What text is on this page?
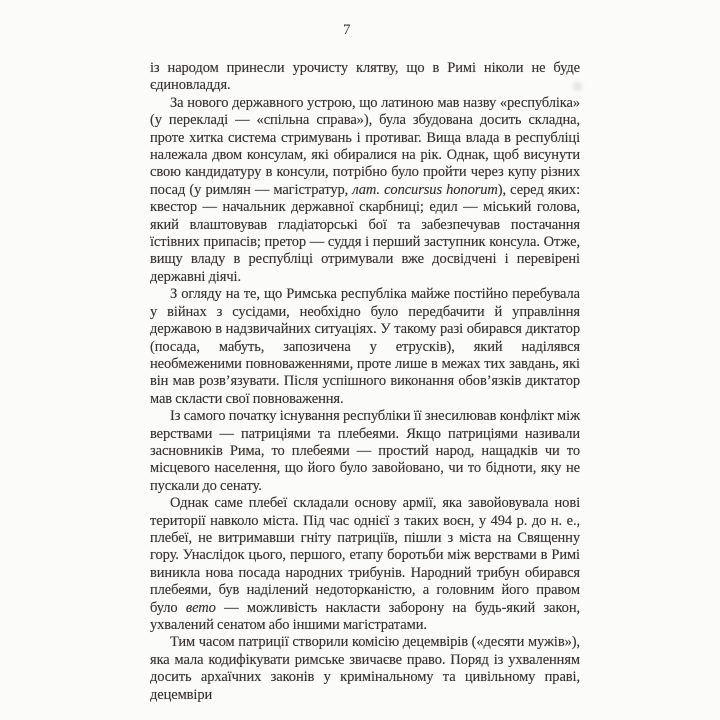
7

із народом принесли урочисту клятву, що в Римі ніколи не буде єдиновладдя.

За нового державного устрою, що латиною мав назву «республіка» (у перекладі — «спільна справа»), була збудована досить складна, проте хитка система стримувань і противаг. Вища влада в республіці належала двом консулам, які обиралися на рік. Однак, щоб висунути свою кандидатуру в консули, потрібно було пройти через купу різних посад (у римлян — магістратур, лат. concursus honorum), серед яких: квестор — начальник державної скарбниці; едил — міський голова, який влаштовував гладіаторські бої та забезпечував постачання їстівних припасів; претор — суддя і перший заступник консула. Отже, вищу владу в республіці отримували вже досвідчені і перевірені державні діячі.

З огляду на те, що Римська республіка майже постійно перебувала у війнах з сусідами, необхідно було передбачити й управління державою в надзвичайних ситуаціях. У такому разі обирався диктатор (посада, мабуть, запозичена у етрусків), який наділявся необмеженими повноваженнями, проте лише в межах тих завдань, які він мав розв’язувати. Після успішного виконання обов’язків диктатор мав скласти свої повноваження.

Із самого початку існування республіки її знесилював конфлікт між верствами — патриціями та плебеями. Якщо патриціями називали засновників Рима, то плебеями — простий народ, нащадків чи то місцевого населення, що його було завойовано, чи то бідноти, яку не пускали до сенату.

Однак саме плебеї складали основу армії, яка завойовувала нові території навколо міста. Під час однієї з таких воєн, у 494 р. до н. е., плебеї, не витримавши гніту патриціїв, пішли з міста на Священну гору. Унаслідок цього, першого, етапу боротьби між верствами в Римі виникла нова посада народних трибунів. Народний трибун обирався плебеями, був наділений недоторканістю, а головним його правом було вето — можливість накласти заборону на будь-який закон, ухвалений сенатом або іншими магістратами.

Тим часом патриції створили комісію децемвірів («десяти мужів»), яка мала кодифікувати римське звичаєве право. Поряд із ухваленням досить архаїчних законів у кримінальному та цивільному праві, децемвіри
